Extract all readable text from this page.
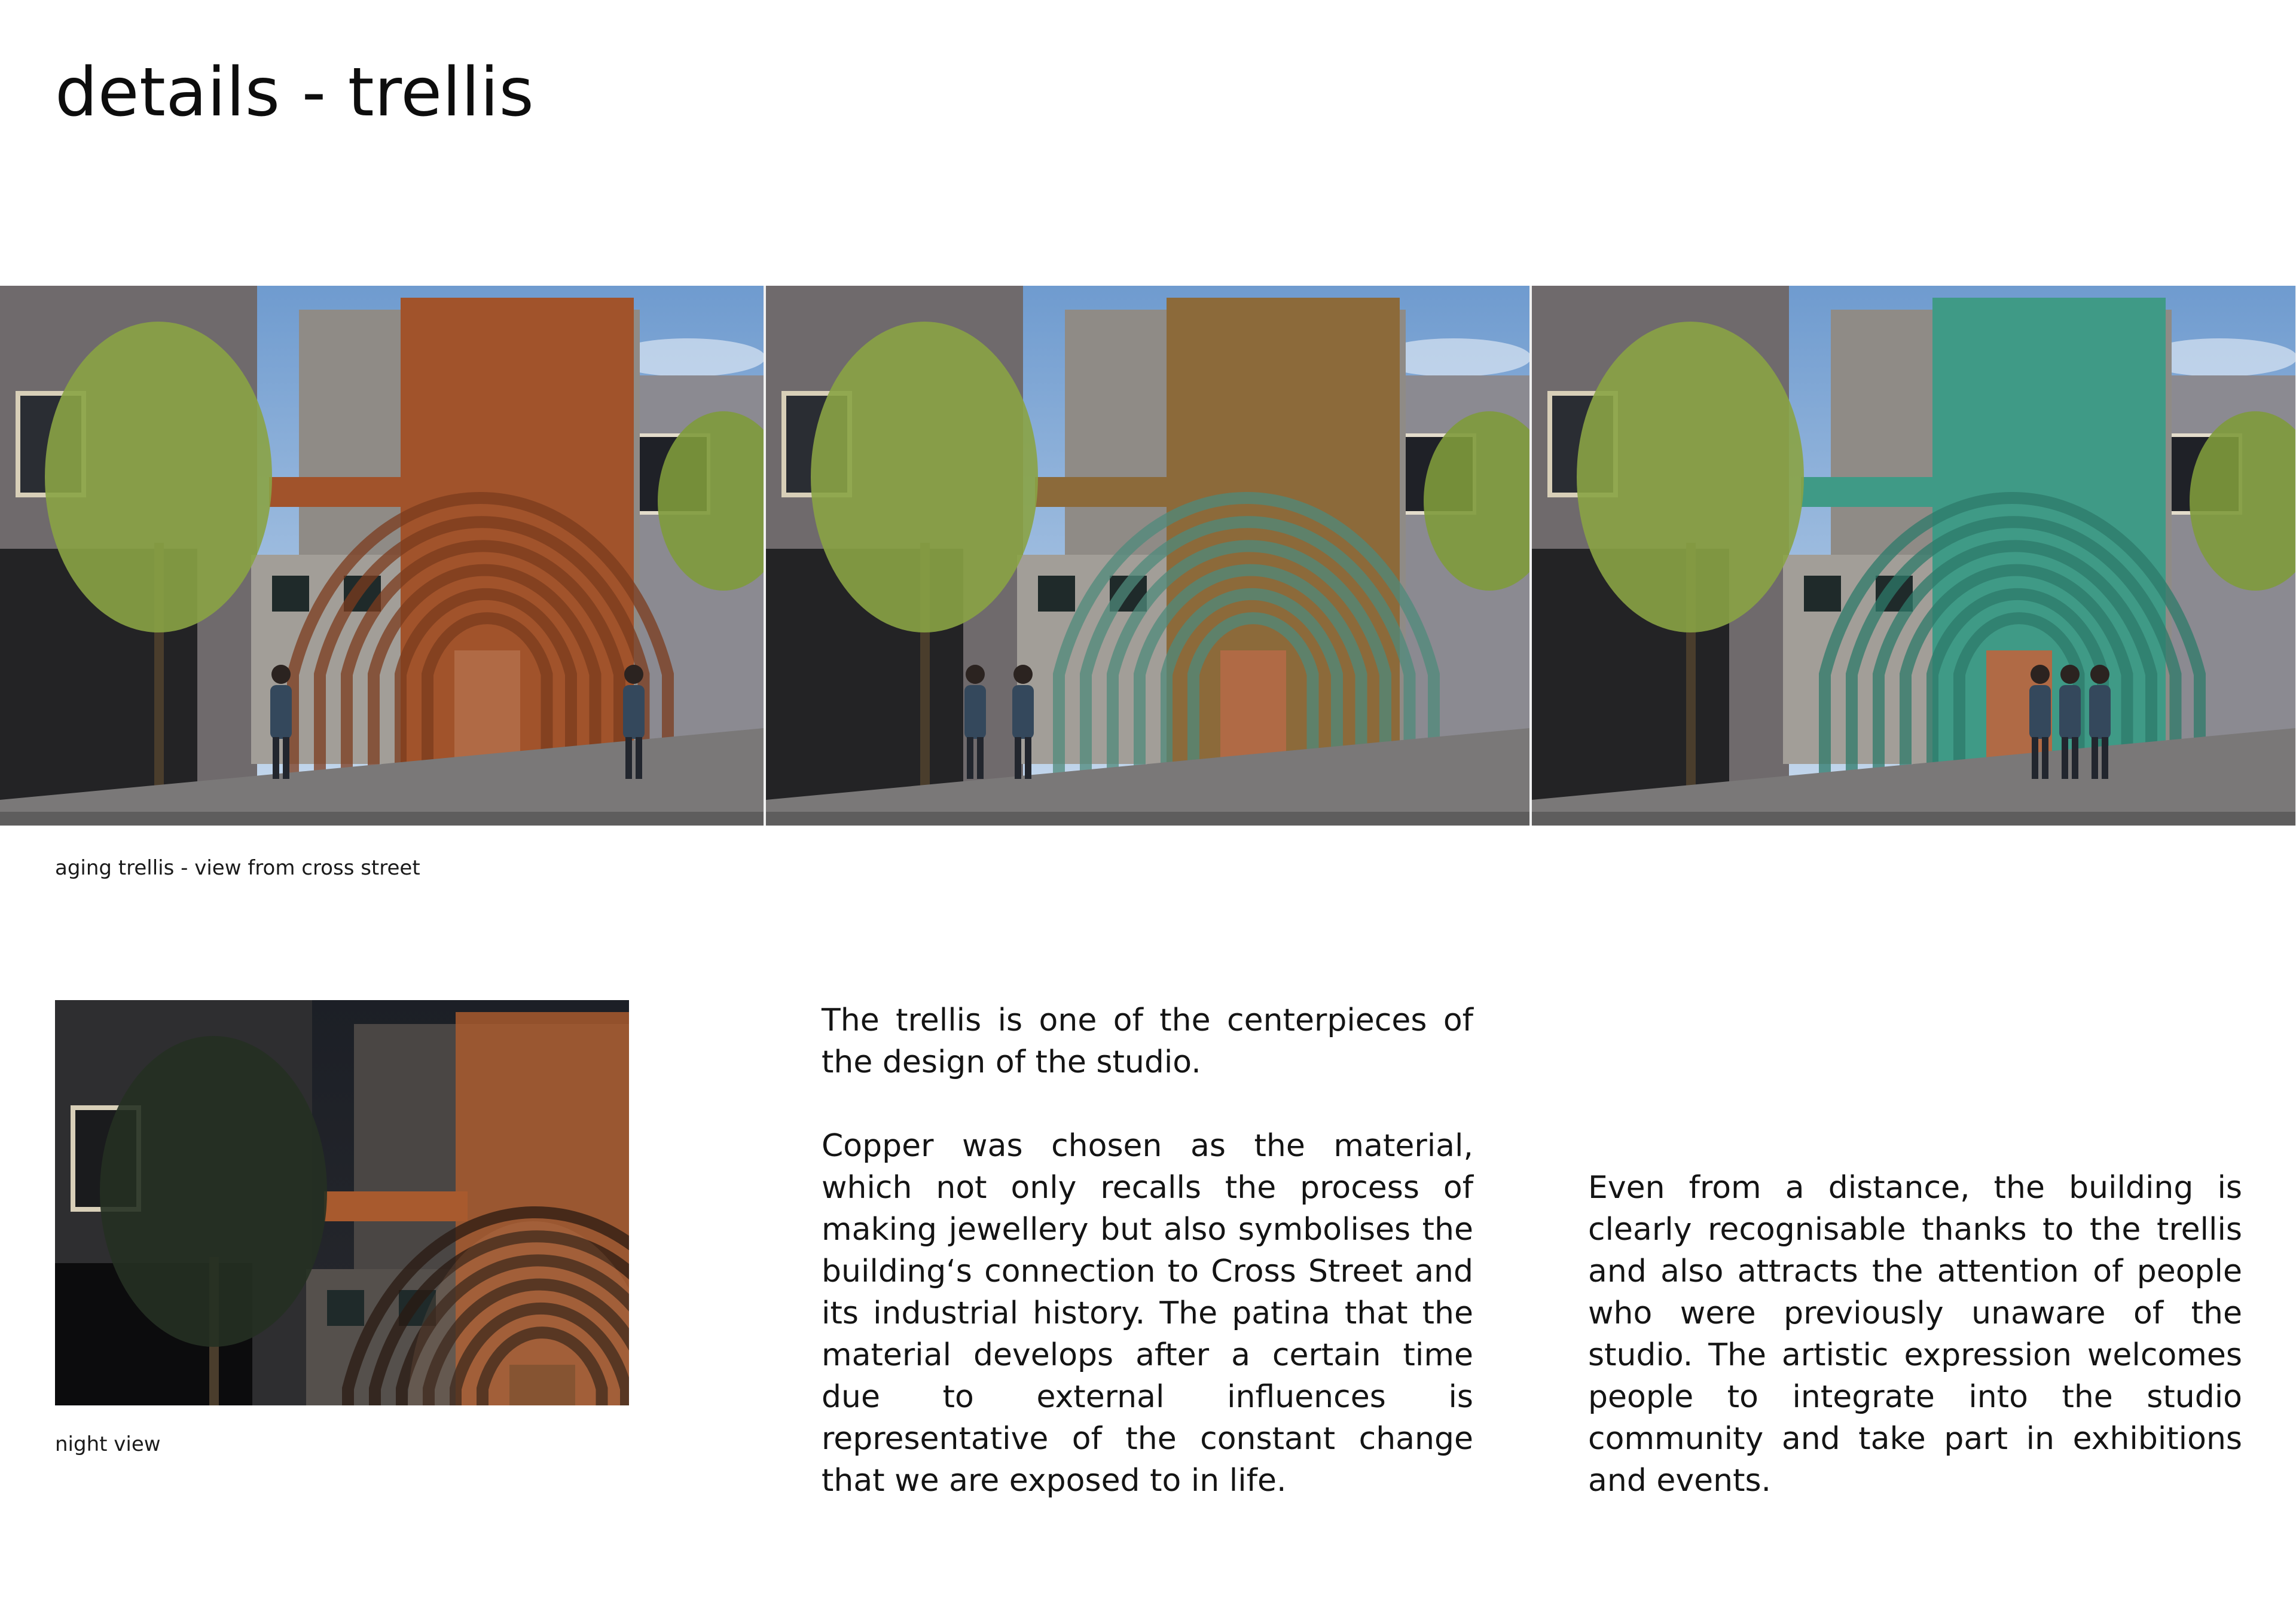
details - trellis
aging trellis - view from cross street
night view

The trellis is one of the centerpieces of the design of the studio.

Copper was chosen as the material, which not only recalls the process of making jewellery but also symbolises the building‘s connection to Cross Street and its industrial history. The patina that the material develops after a certain time due to external influences is representative of the constant change that we are exposed to in life.

Even from a distance, the building is clearly recognisable thanks to the trellis and also attracts the attention of people who were previously unaware of the studio. The artistic expression welcomes people to integrate into the studio community and take part in exhibitions and events.
